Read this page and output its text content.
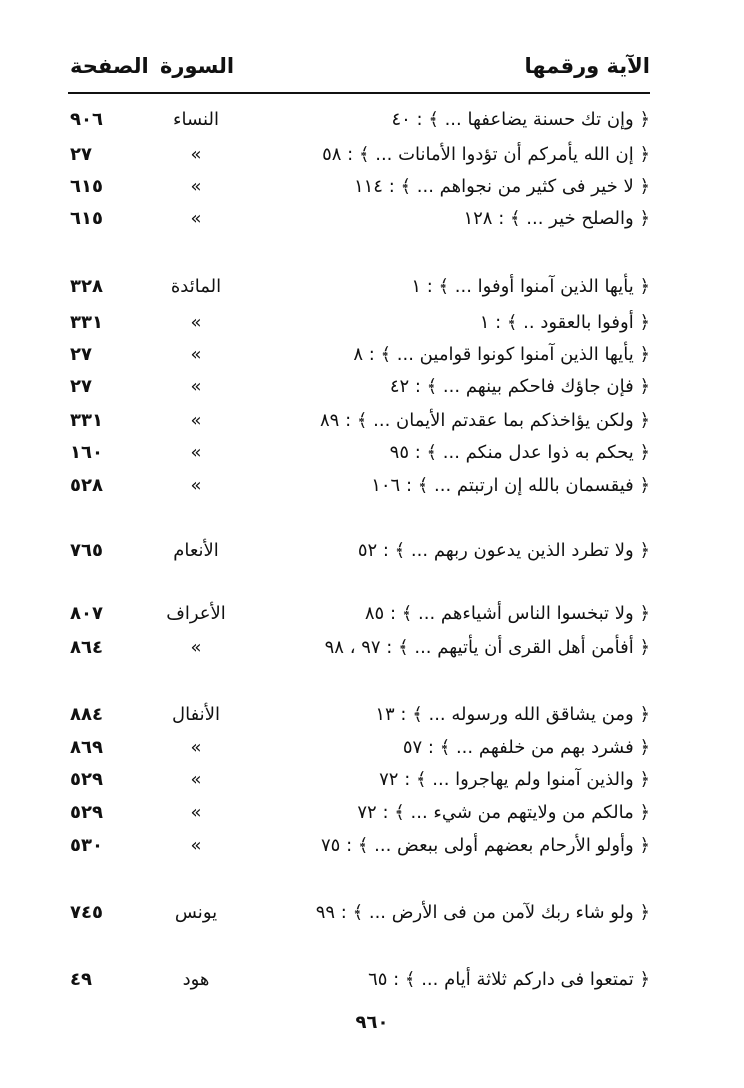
الآية ورقمها
السورة
الصفحة
﴿ وإن تك حسنة يضاعفها ... ﴾ : ٤٠
النساء
٩٠٦
﴿ إن الله يأمركم أن تؤدوا الأمانات ... ﴾ : ٥٨
»
٢٧
﴿ لا خير فى كثير من نجواهم ... ﴾ : ١١٤
»
٦١٥
﴿ والصلح خير ... ﴾ : ١٢٨
»
٦١٥
﴿ يأيها الذين آمنوا أوفوا ... ﴾ : ١
المائدة
٣٢٨
﴿ أوفوا بالعقود .. ﴾ : ١
»
٣٣١
﴿ يأيها الذين آمنوا كونوا قوامين ... ﴾ : ٨
»
٢٧
﴿ فإن جاؤك فاحكم بينهم ... ﴾ : ٤٢
»
٢٧
﴿ ولكن يؤاخذكم بما عقدتم الأيمان ... ﴾ : ٨٩
»
٣٣١
﴿ يحكم به ذوا عدل منكم ... ﴾ : ٩٥
»
١٦٠
﴿ فيقسمان بالله إن ارتبتم ... ﴾ : ١٠٦
»
٥٢٨
﴿ ولا تطرد الذين يدعون ربهم ... ﴾ : ٥٢
الأنعام
٧٦٥
﴿ ولا تبخسوا الناس أشياءهم ... ﴾ : ٨٥
الأعراف
٨٠٧
﴿ أفأمن أهل القرى أن يأتيهم ... ﴾ : ٩٧ ، ٩٨
»
٨٦٤
﴿ ومن يشاقق الله ورسوله ... ﴾ : ١٣
الأنفال
٨٨٤
﴿ فشرد بهم من خلفهم ... ﴾ : ٥٧
»
٨٦٩
﴿ والذين آمنوا ولم يهاجروا ... ﴾ : ٧٢
»
٥٢٩
﴿ مالكم من ولايتهم من شيء ... ﴾ : ٧٢
»
٥٢٩
﴿ وأولو الأرحام بعضهم أولى ببعض ... ﴾ : ٧٥
»
٥٣٠
﴿ ولو شاء ربك لآمن من فى الأرض ... ﴾ : ٩٩
يونس
٧٤٥
﴿ تمتعوا فى داركم ثلاثة أيام ... ﴾ : ٦٥
هود
٤٩
٩٦٠
